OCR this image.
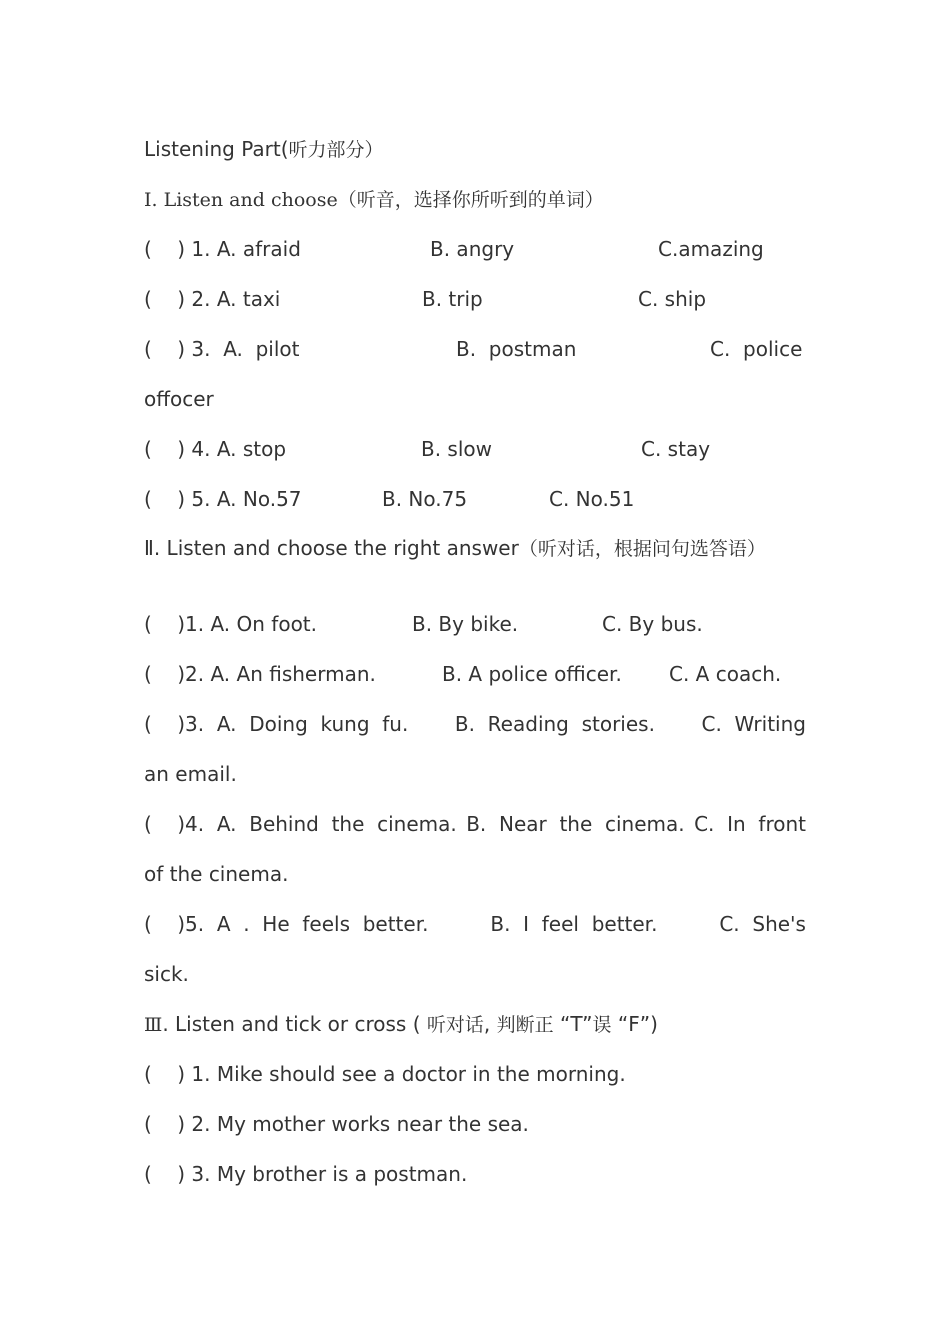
Listening Part(听力部分）
Ⅰ. Listen and choose（听音，选择你所听到的单词）
(    ) 1. A. afraid	B. angry	C.amazing
(    ) 2. A. taxi	B. trip	C. ship
(    ) 3.  A.  pilot	B.  postman	C.  police
offocer
(    ) 4. A. stop	B. slow	C. stay
(    ) 5. A. No.57	B. No.75	C. No.51
Ⅱ. Listen and choose the right answer（听对话，根据问句选答语）
(    )1. A. On foot.	B. By bike.	C. By bus.
(    )2. A. An fisherman.	B. A police officer. C. A coach.
(    )3.  A.  Doing  kung  fu. B.  Reading  stories. C.  Writing
an email.
(    )4.  A.  Behind  the  cinema. B.  Near  the  cinema. C.  In  front
of the cinema.
(    )5.  A  .  He  feels  better.	B.  I  feel  better.	C.  She's
sick.
Ⅲ. Listen and tick or cross ( 听对话, 判断正 “T”误 “F”)
(    ) 1. Mike should see a doctor in the morning.
(    ) 2. My mother works near the sea.
(    ) 3. My brother is a postman.
